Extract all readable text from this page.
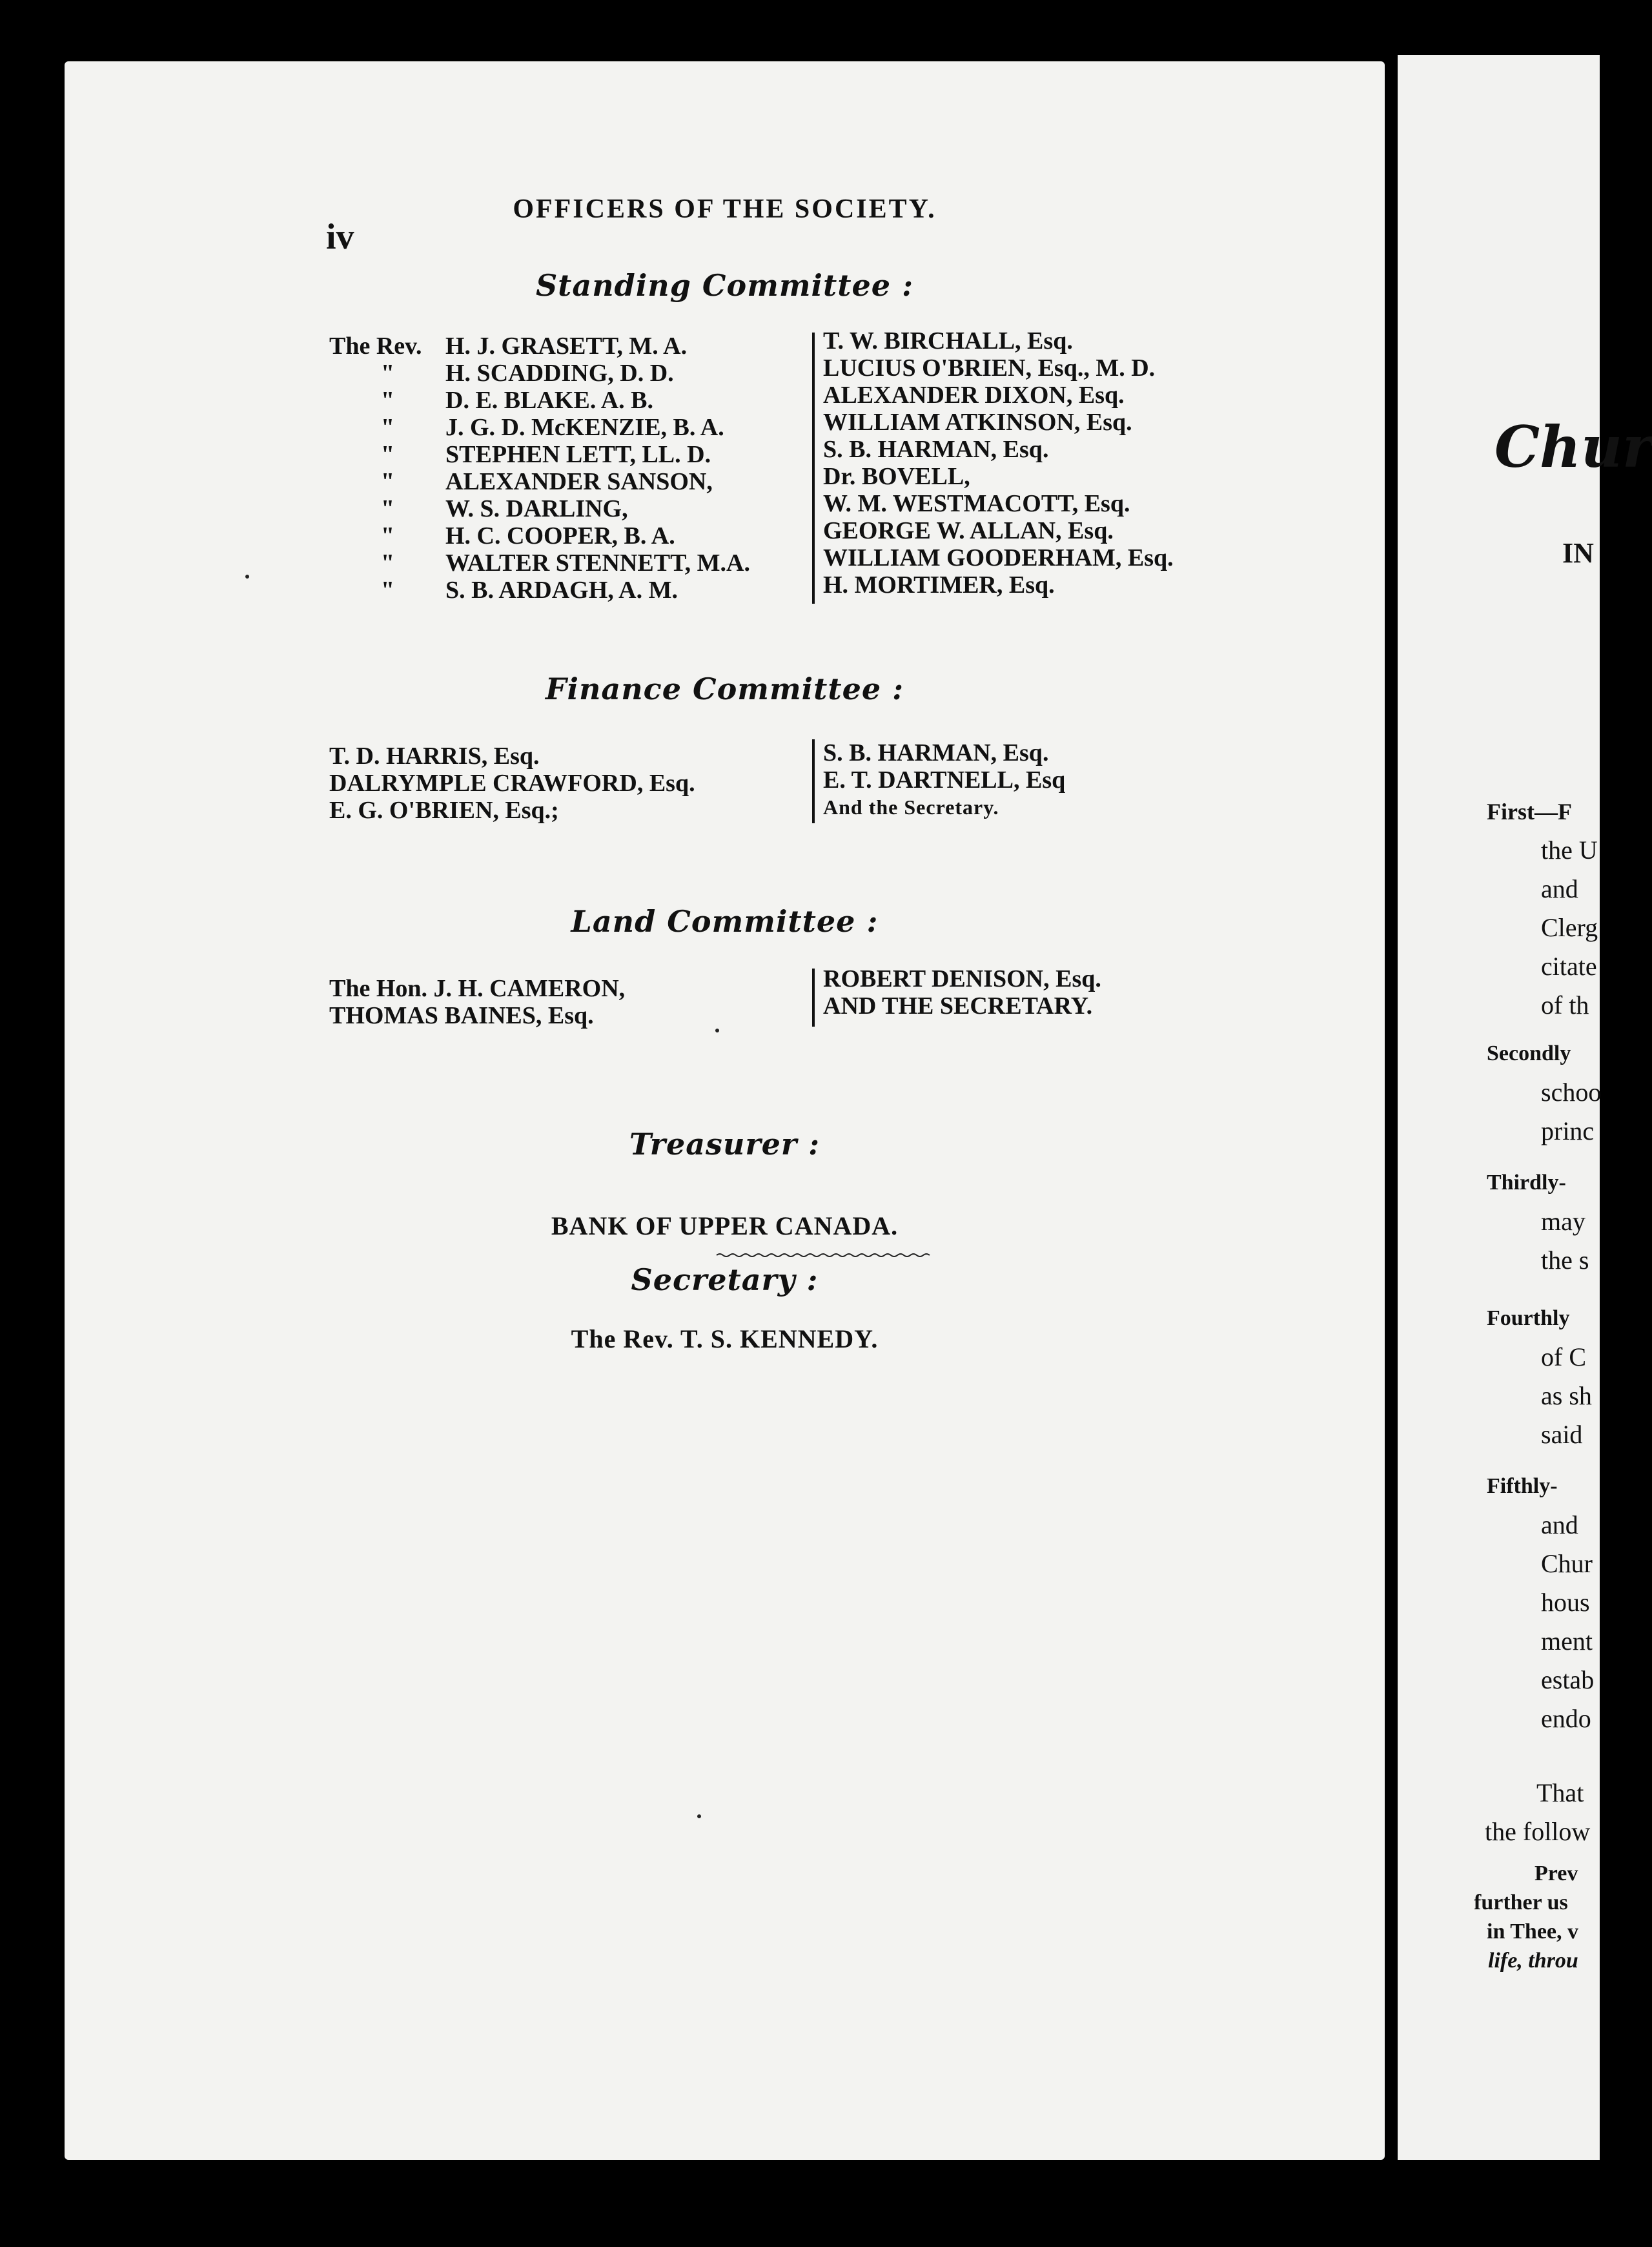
iv
OFFICERS OF THE SOCIETY.
Standing Committee :
The Rev. H. J. GRASETT, M. A.
" H. SCADDING, D. D.
" D. E. BLAKE. A. B.
" J. G. D. McKENZIE, B. A.
" STEPHEN LETT, LL. D.
" ALEXANDER SANSON,
" W. S. DARLING,
" H. C. COOPER, B. A.
" WALTER STENNETT, M.A.
" S. B. ARDAGH, A. M.
T. W. BIRCHALL, Esq.
LUCIUS O'BRIEN, Esq., M. D.
ALEXANDER DIXON, Esq.
WILLIAM ATKINSON, Esq.
S. B. HARMAN, Esq.
Dr. BOVELL,
W. M. WESTMACOTT, Esq.
GEORGE W. ALLAN, Esq.
WILLIAM GOODERHAM, Esq.
H. MORTIMER, Esq.
Finance Committee :
T. D. HARRIS, Esq.
DALRYMPLE CRAWFORD, Esq.
E. G. O'BRIEN, Esq.;
S. B. HARMAN, Esq.
E. T. DARTNELL, Esq
And the Secretary.
Land Committee :
The Hon. J. H. CAMERON,
THOMAS BAINES, Esq.
ROBERT DENISON, Esq.
AND THE SECRETARY.
Treasurer :
BANK OF UPPER CANADA.
Secretary :
The Rev. T. S. KENNEDY.
Chur
IN
First—F
the U
and
Clerg
citate
of th
Secondly
schoo
princ
Thirdly-
may
the s
Fourthly
of C
as sh
said
Fifthly-
and
Chur
hous
ment
estab
endo
That
the follow
Prev
further us
in Thee, v
life, throu
